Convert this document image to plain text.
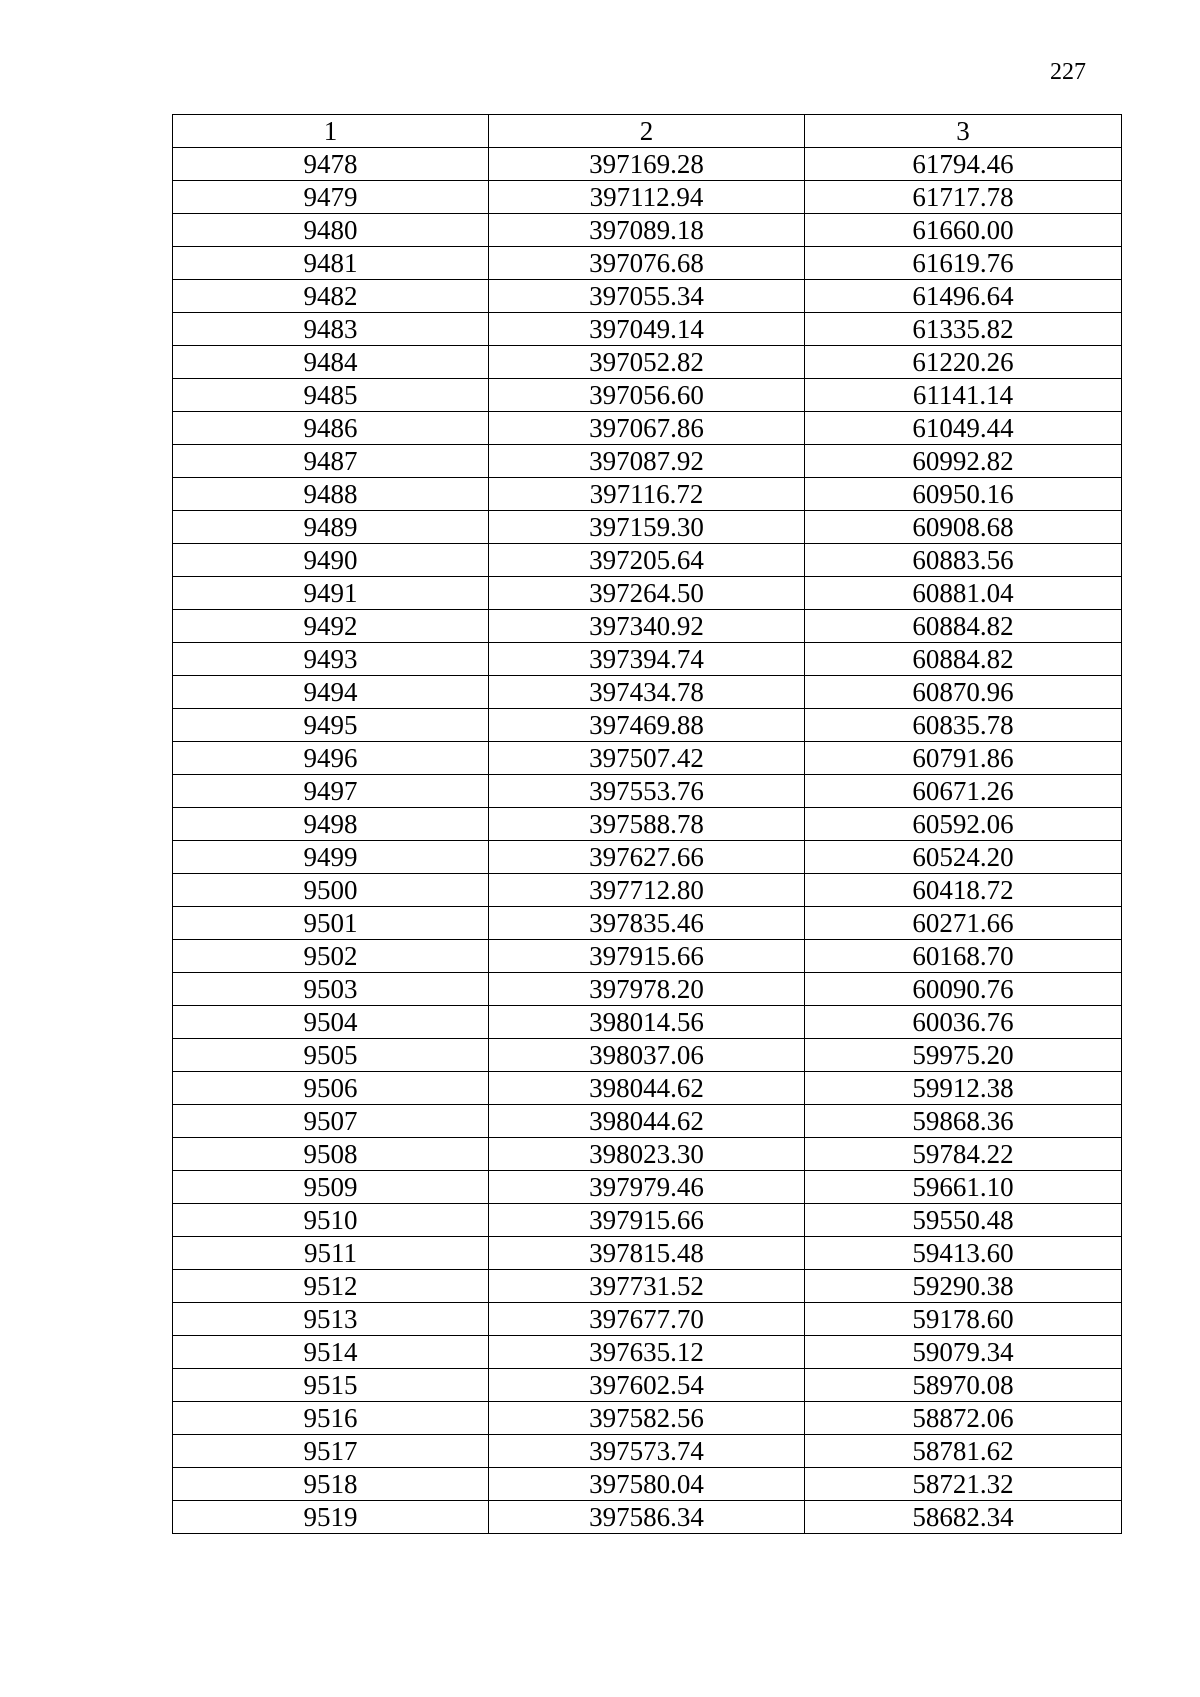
227
1	2	3
9478	397169.28	61794.46
9479	397112.94	61717.78
9480	397089.18	61660.00
9481	397076.68	61619.76
9482	397055.34	61496.64
9483	397049.14	61335.82
9484	397052.82	61220.26
9485	397056.60	61141.14
9486	397067.86	61049.44
9487	397087.92	60992.82
9488	397116.72	60950.16
9489	397159.30	60908.68
9490	397205.64	60883.56
9491	397264.50	60881.04
9492	397340.92	60884.82
9493	397394.74	60884.82
9494	397434.78	60870.96
9495	397469.88	60835.78
9496	397507.42	60791.86
9497	397553.76	60671.26
9498	397588.78	60592.06
9499	397627.66	60524.20
9500	397712.80	60418.72
9501	397835.46	60271.66
9502	397915.66	60168.70
9503	397978.20	60090.76
9504	398014.56	60036.76
9505	398037.06	59975.20
9506	398044.62	59912.38
9507	398044.62	59868.36
9508	398023.30	59784.22
9509	397979.46	59661.10
9510	397915.66	59550.48
9511	397815.48	59413.60
9512	397731.52	59290.38
9513	397677.70	59178.60
9514	397635.12	59079.34
9515	397602.54	58970.08
9516	397582.56	58872.06
9517	397573.74	58781.62
9518	397580.04	58721.32
9519	397586.34	58682.34
